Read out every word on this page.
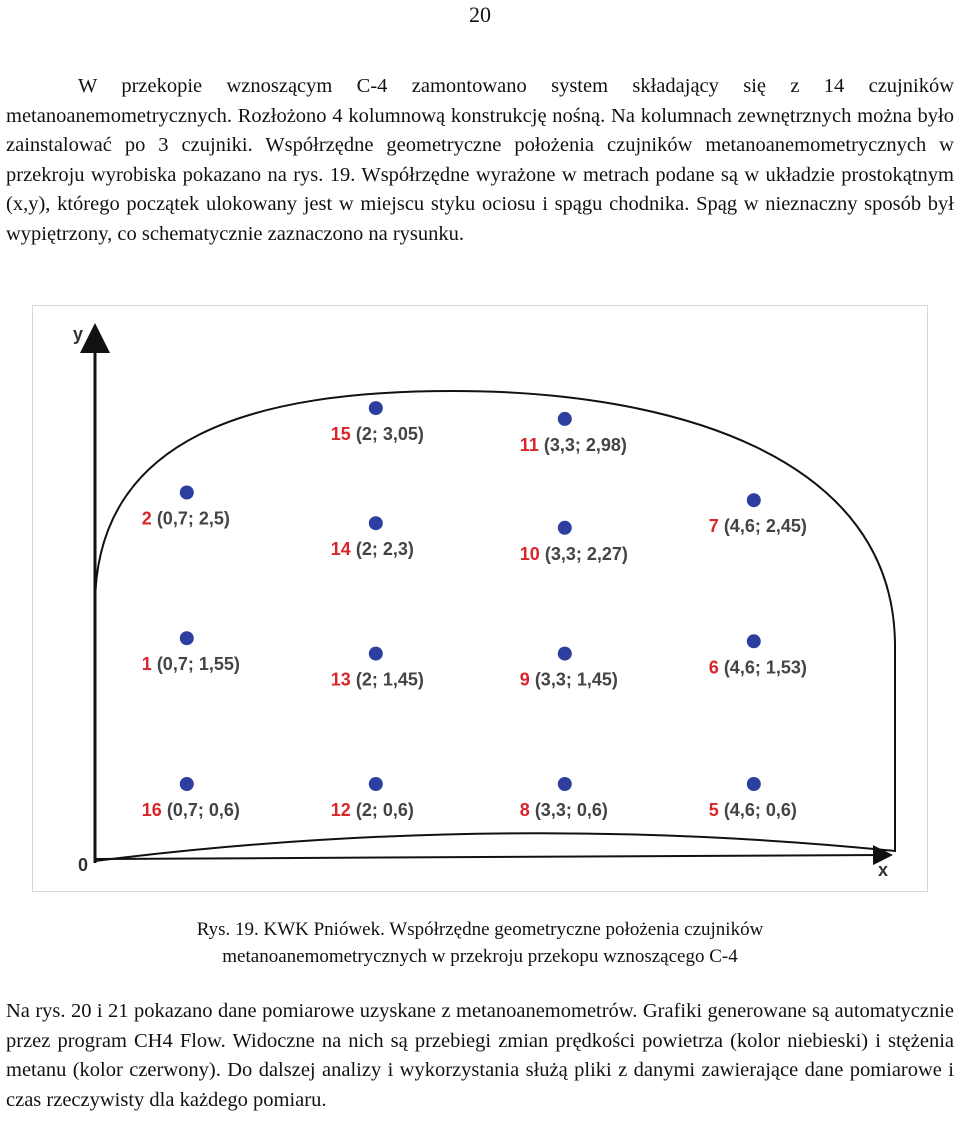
20

W przekopie wznoszącym C-4 zamontowano system składający się z 14 czujników metanoanemometrycznych. Rozłożono 4 kolumnową konstrukcję nośną. Na kolumnach zewnętrznych można było zainstalować po 3 czujniki. Współrzędne geometryczne położenia czujników metanoanemometrycznych w przekroju wyrobiska pokazano na rys. 19. Współrzędne wyrażone w metrach podane są w układzie prostokątnym (x,y), którego początek ulokowany jest w miejscu styku ociosu i spągu chodnika. Spąg w nieznaczny sposób był wypiętrzony, co schematycznie zaznaczono na rysunku.

y
x
0
15 (2; 3,05)
11 (3,3; 2,98)
2 (0,7; 2,5)	7 (4,6; 2,45)
14 (2; 2,3)	10 (3,3; 2,27)
1 (0,7; 1,55)	6 (4,6; 1,53)
13 (2; 1,45)	9 (3,3; 1,45)
16 (0,7; 0,6)	12 (2; 0,6)	8 (3,3; 0,6)	5 (4,6; 0,6)
Rys. 19. KWK Pniówek. Współrzędne geometryczne położenia czujników
metanoanemometrycznych w przekroju przekopu wznoszącego C-4

Na rys. 20 i 21 pokazano dane pomiarowe uzyskane z metanoanemometrów. Grafiki generowane są automatycznie przez program CH4 Flow. Widoczne na nich są przebiegi zmian prędkości powietrza (kolor niebieski) i stężenia metanu (kolor czerwony). Do dalszej analizy i wykorzystania służą pliki z danymi zawierające dane pomiarowe i czas rzeczywisty dla każdego pomiaru.
